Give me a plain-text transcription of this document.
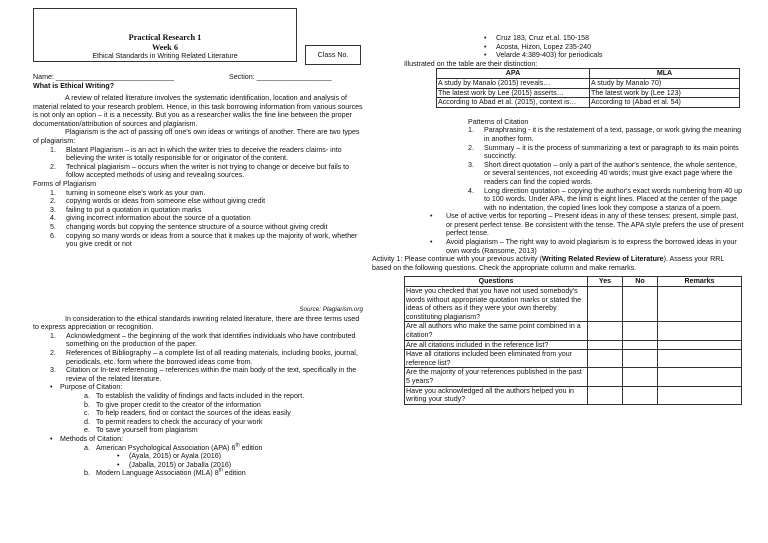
Practical Research 1
Week 6
Ethical Standards in Writing Related Literature	Class No.
Name: ______________________________	Section: ___________________
What is Ethical Writing?

A review of related literature involves the systematic identification, location and analysis of material related to your research problem. Hence, in this task borrowing information from various sources is not only an option – it is a necessity. But you as a researcher walks the fine line between the proper documentation/attribution of sources and plagiarism.

Plagiarism is the act of passing off one's own ideas or writings of another. There are two types of plagiarism:

1. Blatant Plagiarism – is an act in which the writer tries to deceive the readers claims- into believing the writer is totally responsible for or originator of the content.
2. Technical plagiarism – occurs when the writer is not trying to change or deceive but fails to follow accepted methods of using and revealing sources.

Forms of Plagiarism

1. turning in someone else's work as your own.
2. copying words or ideas from someone else without giving credit
3. failing to put a quotation in quotation marks
4. giving incorrect information about the source of a quotation
5. changing words but copying the sentence structure of a source without giving credit
6. copying so many words or ideas from a source that it makes up the majority of work, whether you give credit or not
Source: Plagiarism.org

In consideration to the ethical standards inwriting related literature, there are three terms used to express appreciation or recognition.

1. Acknowledgment – the beginning of the work that identifies individuals who have contributed something on the production of the paper.
2. References of Bibliography – a complete list of all reading materials, including books, journal, periodicals, etc. form where the borrowed ideas come from.
3. Citation or In-text referencing – references within the main body of the text, specifically in the review of the related literature.
• Purpose of Citation:
a. To establish the validity of findings and facts included in the report.
b. To give proper credit to the creator of the information
c. To help readers, find or contact the sources of the ideas easily
d. To permit readers to check the accuracy of your work
e. To save yourself from plagiarism
• Methods of Citation:
a. American Psychological Association (APA) 6th edition
• (Ayala, 2015) or Ayala (2016)
• (Jaballa, 2015) or Jaballa (2016)
b. Modern Language Association (MLA) 8th edition
• Cruz 183, Cruz et.al. 150-158
• Acosta, Hizon, Lopez 235-240
• Velarde 4:389-403) for periodicals

Illustrated on the table are their distinction:

APA	MLA
A study by Manalo (2015) reveals…	A study by Manalo 70)
The latest work by Lee (2015) asserts…	The latest work by (Lee 123)
According to Abad et al. (2015), context is…	According to (Abad et al. 54)

Patterns of Citation

1. Paraphrasing - it is the restatement of a text, passage, or work giving the meaning in another form.
2. Summary – it is the process of summarizing a text or paragraph to its main points succinctly.
3. Short direct quotation – only a part of the author's sentence, the whole sentence, or several sentences, not exceeding 40 words; must give exact page where the readers can find the copied words.
4. Long direction quotation – copying the author's exact words numbering from 40 up to 100 words. Under APA, the limit is eight lines. Placed at the center of the page with no indentation, the copied lines look they compose a stanza of a poem.
• Use of active verbs for reporting – Present ideas in any of these tenses: present, simple past, or present perfect tense. Be consistent with the tense. The APA style prefers the use of present perfect tense.
• Avoid plagiarism – The right way to avoid plagiarism is to express the borrowed ideas in your own words (Ransome, 2013)

Activity 1: Please continue with your previous activity (Writing Related Review of Literature). Assess your RRL based on the following questions. Check the appropriate column and make remarks.

Questions	Yes	No	Remarks
Have you checked that you have not used somebody's words without appropriate quotation marks or stated the ideas of others as if they were your own thereby constituting plagiarism?			
Are all authors who make the same point combined in a citation?			
Are all citations included in the reference list?			
Have all citations included been eliminated from your reference list?			
Are the majority of your references published in the past 5 years?			
Have you acknowledged all the authors helped you in writing your study?			
